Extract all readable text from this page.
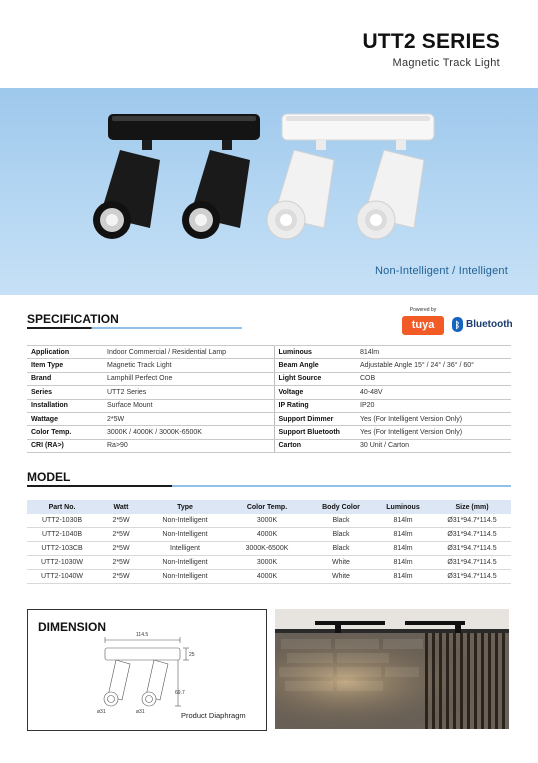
UTT2 SERIES
Magnetic Track Light
Non-Intelligent / Intelligent
SPECIFICATION
Powered by
tuya	ᛒ Bluetooth
Application	Indoor Commercial / Residential Lamp	Luminous	814lm
Item Type	Magnetic Track Light	Beam Angle	Adjustable Angle 15° / 24° / 36° / 60°
Brand	Lamphill Perfect One	Light Source	COB
Series	UTT2 Series	Voltage	40-48V
Installation	Surface Mount	IP Rating	IP20
Wattage	2*5W	Support Dimmer	Yes (For Intelligent Version Only)
Color Temp.	3000K / 4000K / 3000K-6500K	Support Bluetooth	Yes (For Intelligent Version Only)
CRI (RA>)	Ra>90	Carton	30 Unit / Carton
MODEL
Part No.	Watt	Type	Color Temp.	Body Color	Luminous	Size (mm)
UTT2-1030B	2*5W	Non-Intelligent	3000K	Black	814lm	Ø31*94.7*114.5
UTT2-1040B	2*5W	Non-Intelligent	4000K	Black	814lm	Ø31*94.7*114.5
UTT2-103CB	2*5W	Intelligent	3000K-6500K	Black	814lm	Ø31*94.7*114.5
UTT2-1030W	2*5W	Non-Intelligent	3000K	White	814lm	Ø31*94.7*114.5
UTT2-1040W	2*5W	Non-Intelligent	4000K	White	814lm	Ø31*94.7*114.5
DIMENSION
114.5
25
69.7
ø31	ø31	Product Diaphragm
